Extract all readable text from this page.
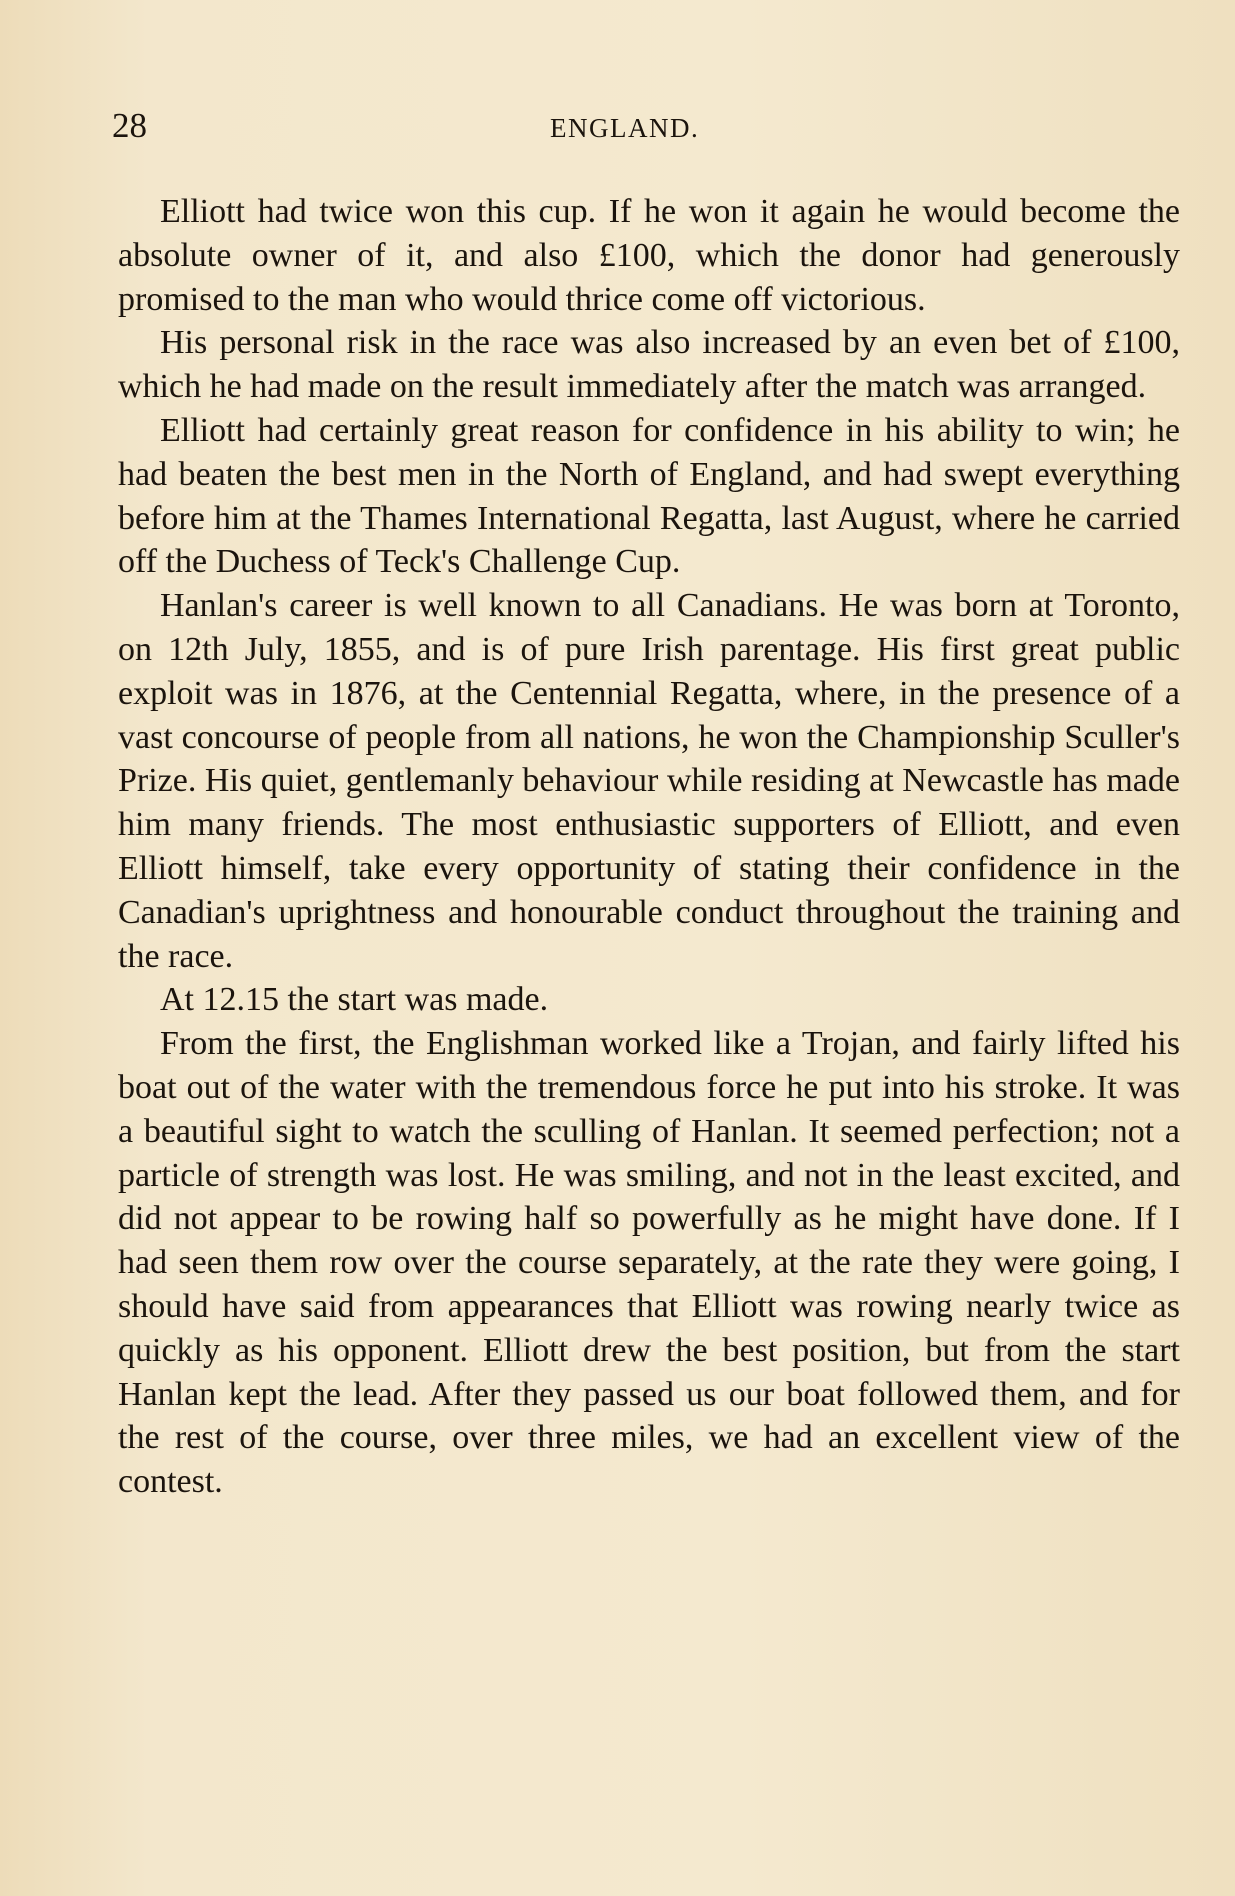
28	ENGLAND.

Elliott had twice won this cup. If he won it again he would become the absolute owner of it, and also £100, which the donor had generously promised to the man who would thrice come off victorious.

His personal risk in the race was also increased by an even bet of £100, which he had made on the result immediately after the match was arranged.

Elliott had certainly great reason for confidence in his ability to win; he had beaten the best men in the North of England, and had swept everything before him at the Thames International Regatta, last August, where he carried off the Duchess of Teck's Challenge Cup.

Hanlan's career is well known to all Canadians. He was born at Toronto, on 12th July, 1855, and is of pure Irish parentage. His first great public exploit was in 1876, at the Centennial Regatta, where, in the presence of a vast concourse of people from all nations, he won the Championship Sculler's Prize. His quiet, gentlemanly behaviour while residing at Newcastle has made him many friends. The most enthusiastic supporters of Elliott, and even Elliott himself, take every opportunity of stating their confidence in the Canadian's uprightness and honourable conduct throughout the training and the race.

At 12.15 the start was made.

From the first, the Englishman worked like a Trojan, and fairly lifted his boat out of the water with the tremendous force he put into his stroke. It was a beautiful sight to watch the sculling of Hanlan. It seemed perfection; not a particle of strength was lost. He was smiling, and not in the least excited, and did not appear to be rowing half so powerfully as he might have done. If I had seen them row over the course separately, at the rate they were going, I should have said from appearances that Elliott was rowing nearly twice as quickly as his opponent. Elliott drew the best position, but from the start Hanlan kept the lead. After they passed us our boat followed them, and for the rest of the course, over three miles, we had an excellent view of the contest.
